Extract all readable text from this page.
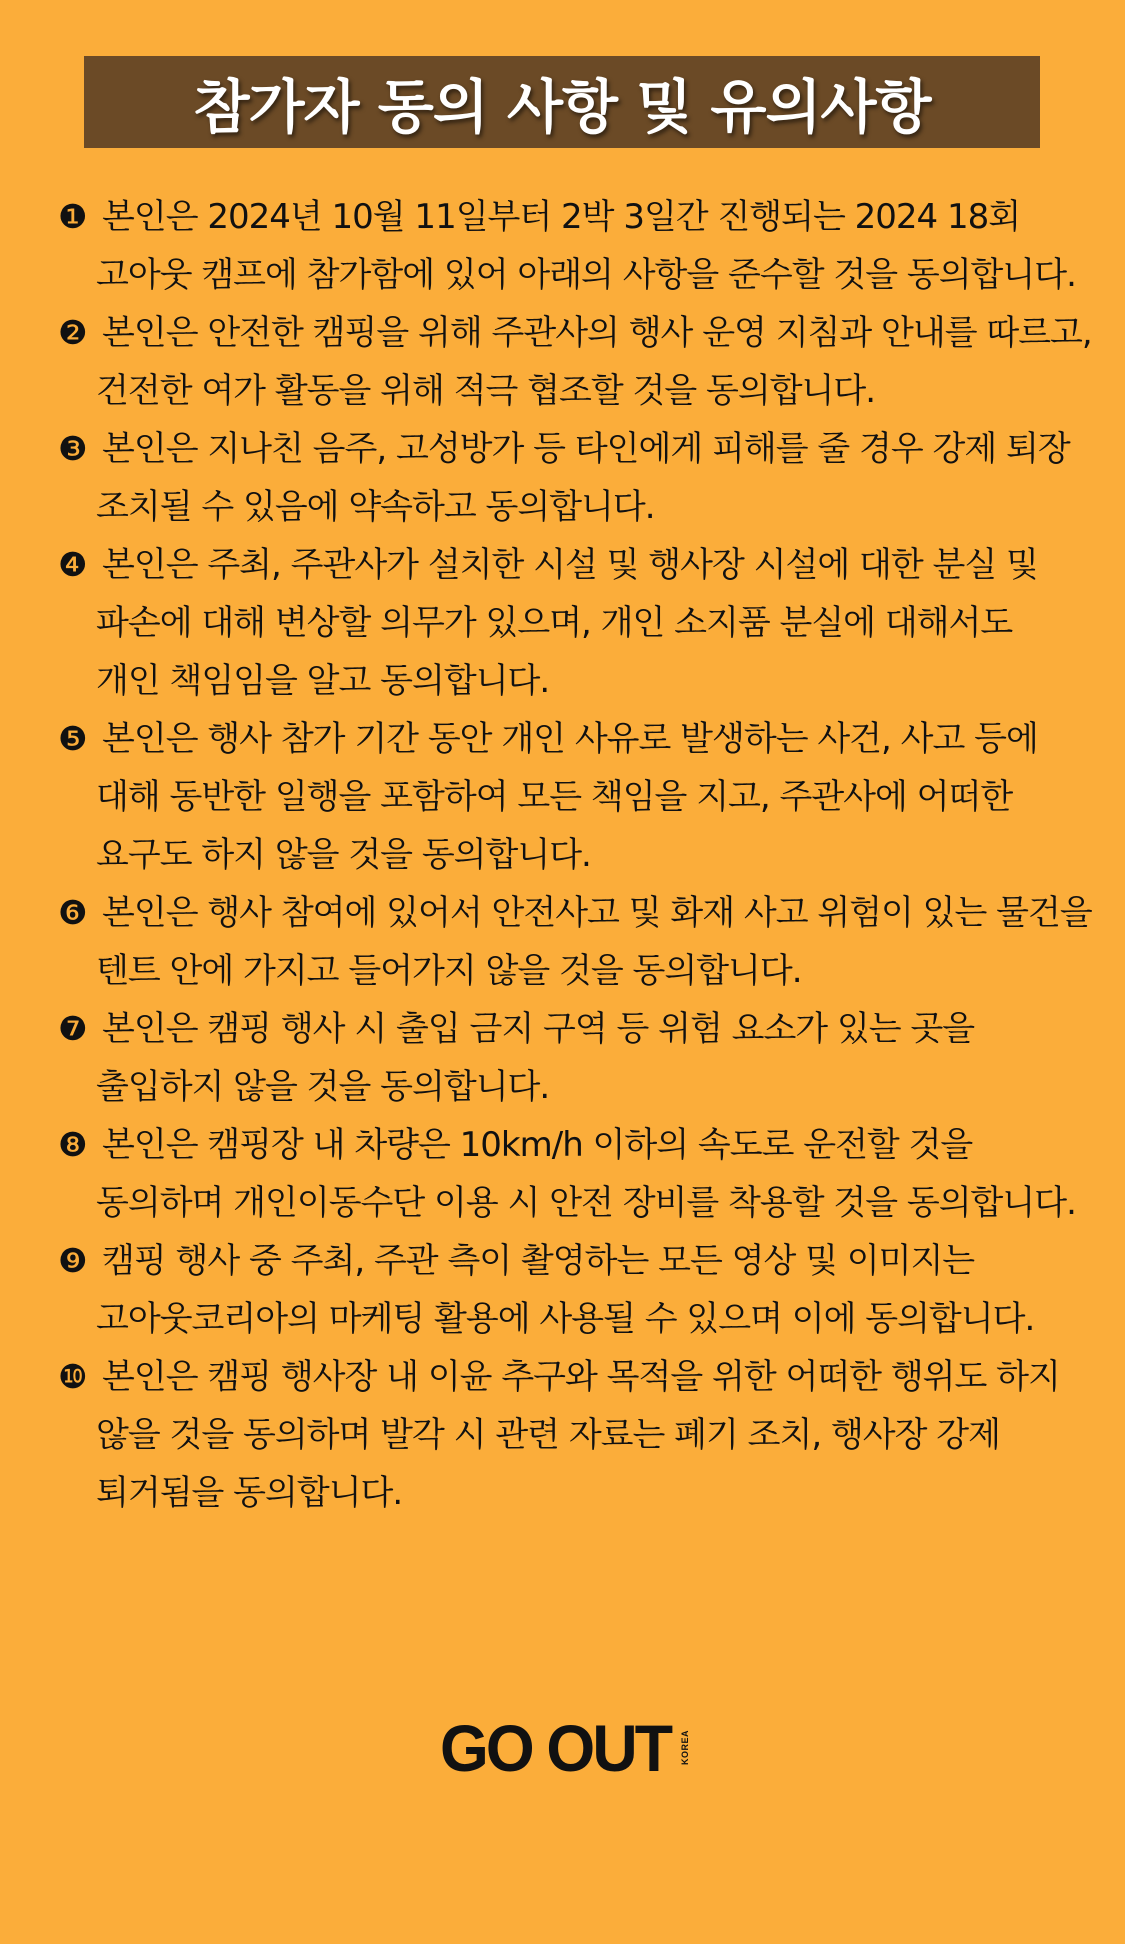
참가자 동의 사항 및 유의사항
❶ 본인은 2024년 10월 11일부터 2박 3일간 진행되는 2024 18회
고아웃 캠프에 참가함에 있어 아래의 사항을 준수할 것을 동의합니다.
❷ 본인은 안전한 캠핑을 위해 주관사의 행사 운영 지침과 안내를 따르고,
건전한 여가 활동을 위해 적극 협조할 것을 동의합니다.
❸ 본인은 지나친 음주, 고성방가 등 타인에게 피해를 줄 경우 강제 퇴장
조치될 수 있음에 약속하고 동의합니다.
❹ 본인은 주최, 주관사가 설치한 시설 및 행사장 시설에 대한 분실 및
파손에 대해 변상할 의무가 있으며, 개인 소지품 분실에 대해서도
개인 책임임을 알고 동의합니다.
❺ 본인은 행사 참가 기간 동안 개인 사유로 발생하는 사건, 사고 등에
대해 동반한 일행을 포함하여 모든 책임을 지고, 주관사에 어떠한
요구도 하지 않을 것을 동의합니다.
❻ 본인은 행사 참여에 있어서 안전사고 및 화재 사고 위험이 있는 물건을
텐트 안에 가지고 들어가지 않을 것을 동의합니다.
❼ 본인은 캠핑 행사 시 출입 금지 구역 등 위험 요소가 있는 곳을
출입하지 않을 것을 동의합니다.
❽ 본인은 캠핑장 내 차량은 10km/h 이하의 속도로 운전할 것을
동의하며 개인이동수단 이용 시 안전 장비를 착용할 것을 동의합니다.
❾ 캠핑 행사 중 주최, 주관 측이 촬영하는 모든 영상 및 이미지는
고아웃코리아의 마케팅 활용에 사용될 수 있으며 이에 동의합니다.
❿ 본인은 캠핑 행사장 내 이윤 추구와 목적을 위한 어떠한 행위도 하지
않을 것을 동의하며 발각 시 관련 자료는 폐기 조치, 행사장 강제
퇴거됨을 동의합니다.
GO OUT KOREA
